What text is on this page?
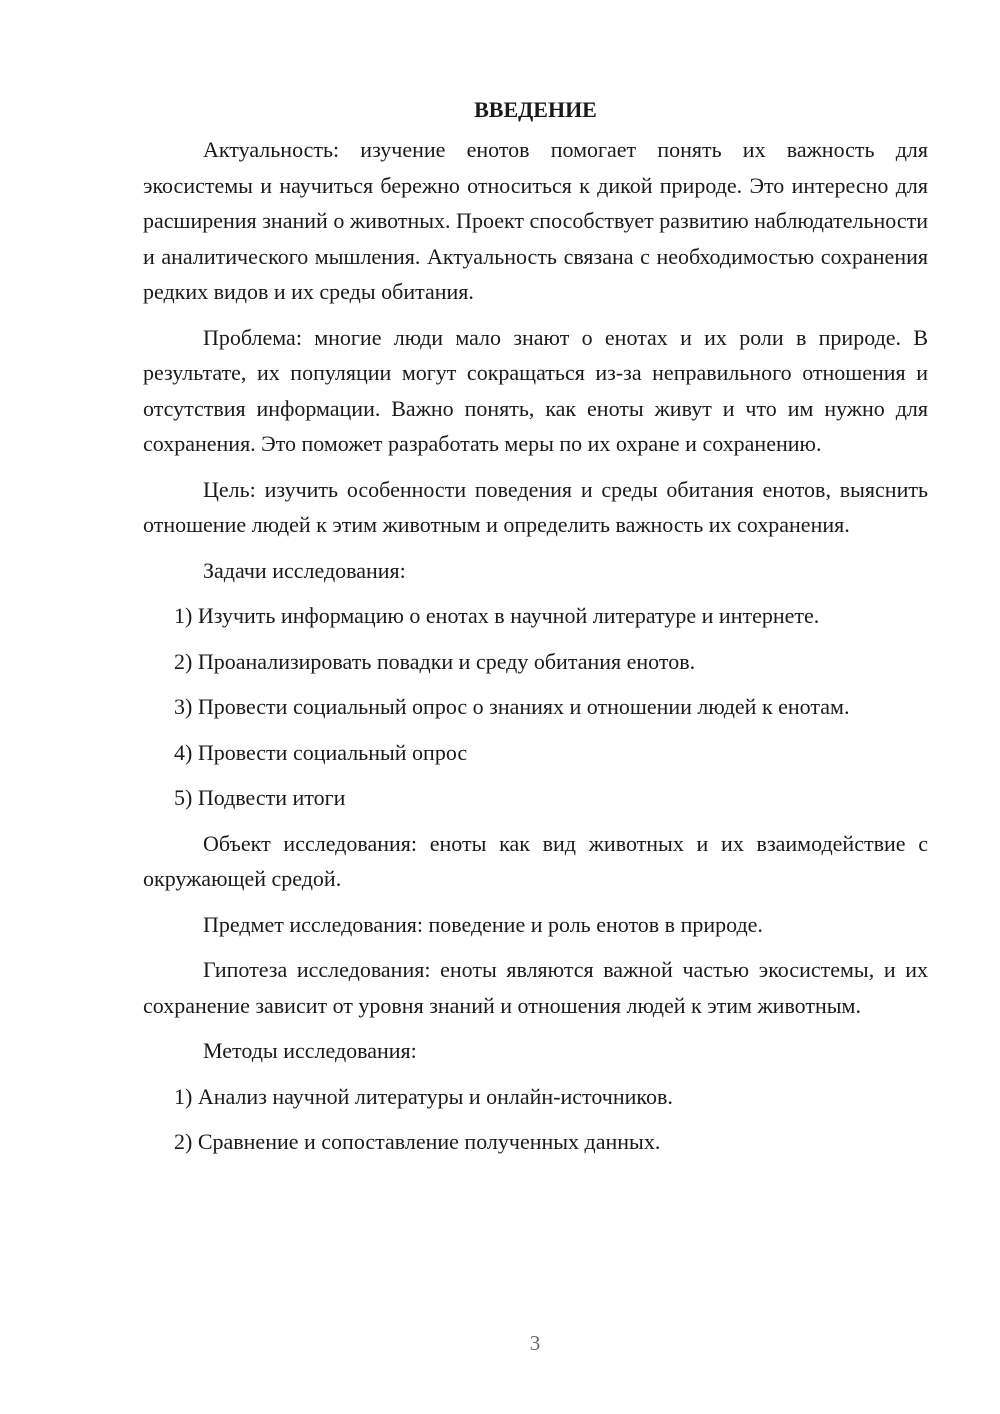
ВВЕДЕНИЕ

Актуальность: изучение енотов помогает понять их важность для экосистемы и научиться бережно относиться к дикой природе. Это интересно для расширения знаний о животных. Проект способствует развитию наблюдательности и аналитического мышления. Актуальность связана с необходимостью сохранения редких видов и их среды обитания.

Проблема: многие люди мало знают о енотах и их роли в природе. В результате, их популяции могут сокращаться из-за неправильного отношения и отсутствия информации. Важно понять, как еноты живут и что им нужно для сохранения. Это поможет разработать меры по их охране и сохранению.

Цель: изучить особенности поведения и среды обитания енотов, выяснить отношение людей к этим животным и определить важность их сохранения.

Задачи исследования:

1) Изучить информацию о енотах в научной литературе и интернете.

2) Проанализировать повадки и среду обитания енотов.

3) Провести социальный опрос о знаниях и отношении людей к енотам.

4) Провести социальный опрос

5) Подвести итоги

Объект исследования: еноты как вид животных и их взаимодействие с окружающей средой.

Предмет исследования: поведение и роль енотов в природе.

Гипотеза исследования: еноты являются важной частью экосистемы, и их сохранение зависит от уровня знаний и отношения людей к этим животным.

Методы исследования:

1) Анализ научной литературы и онлайн-источников.

2) Сравнение и сопоставление полученных данных.

3
